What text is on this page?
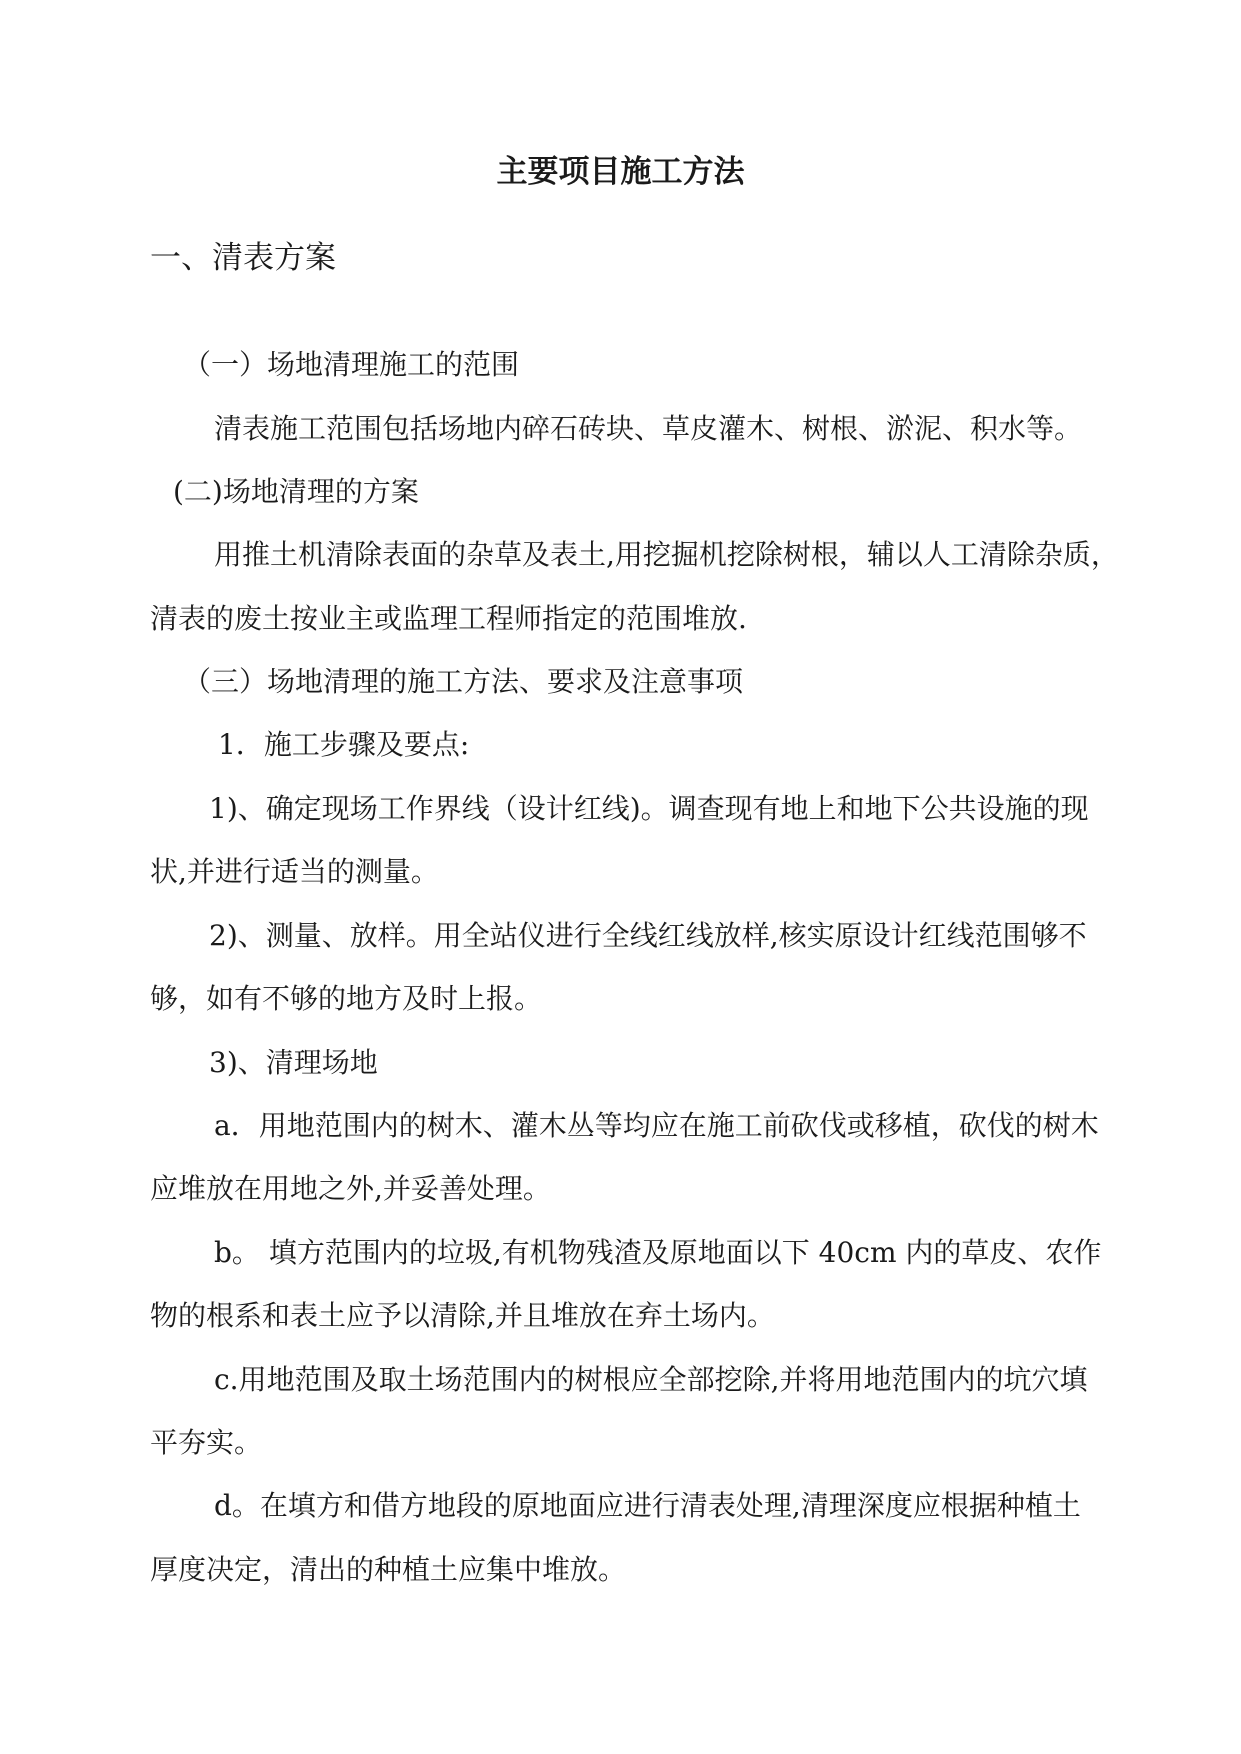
主要项目施工方法
一、清表方案
（一）场地清理施工的范围
清表施工范围包括场地内碎石砖块、草皮灌木、树根、淤泥、积水等。
(二)场地清理的方案
用推土机清除表面的杂草及表土,用挖掘机挖除树根，辅以人工清除杂质，
清表的废土按业主或监理工程师指定的范围堆放.
（三）场地清理的施工方法、要求及注意事项
1．施工步骤及要点:
1)、确定现场工作界线（设计红线)。调查现有地上和地下公共设施的现
状,并进行适当的测量。
2)、测量、放样。用全站仪进行全线红线放样,核实原设计红线范围够不
够，如有不够的地方及时上报。
3)、清理场地
a．用地范围内的树木、灌木丛等均应在施工前砍伐或移植，砍伐的树木
应堆放在用地之外,并妥善处理。
b。 填方范围内的垃圾,有机物残渣及原地面以下 40cm 内的草皮、农作
物的根系和表土应予以清除,并且堆放在弃土场内。
c.用地范围及取土场范围内的树根应全部挖除,并将用地范围内的坑穴填
平夯实。
d。在填方和借方地段的原地面应进行清表处理,清理深度应根据种植土
厚度决定，清出的种植土应集中堆放。
